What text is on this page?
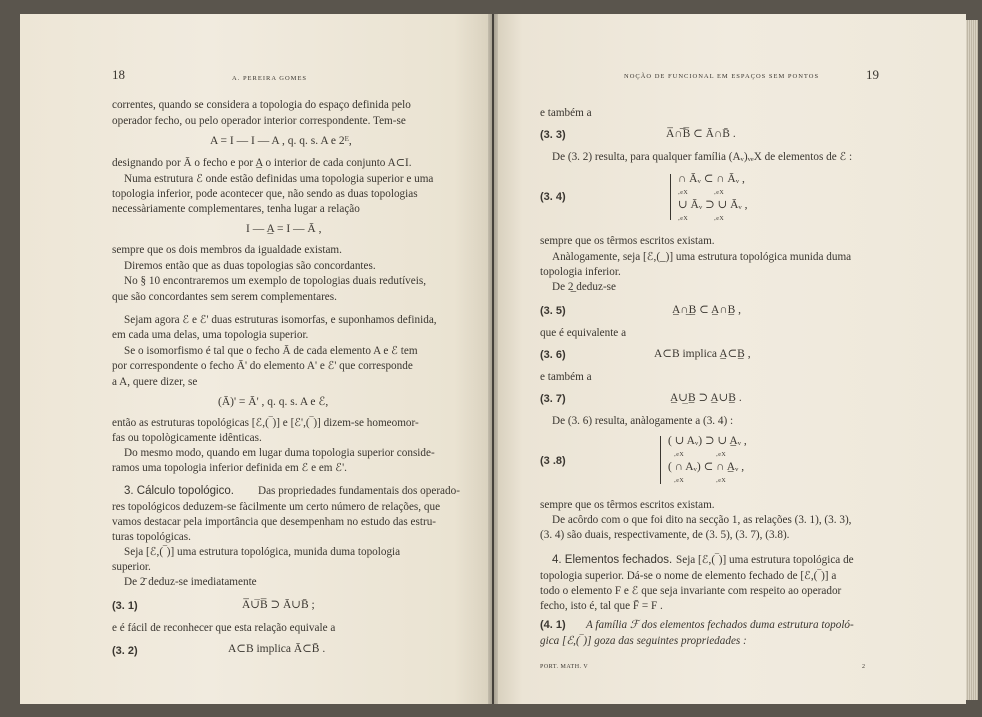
18	A. PEREIRA GOMES
correntes, quando se considera a topologia do espaço definida pelo
operador fecho, ou pelo operador interior correspondente. Tem-se
A = I — I — A , q. q. s. A e 2ᴱ,
designando por Ā o fecho e por A̲ o interior de cada conjunto A⊂I.
Numa estrutura ℰ onde estão definidas uma topologia superior e uma
topologia inferior, pode acontecer que, não sendo as duas topologias
necessàriamente complementares, tenha lugar a relação
I — A̲ = I — Ā ,
sempre que os dois membros da igualdade existam.
Diremos então que as duas topologias são concordantes.
No § 10 encontraremos um exemplo de topologias duais redutíveis,
que são concordantes sem serem complementares.
Sejam agora ℰ e ℰ' duas estruturas isomorfas, e suponhamos definida,
em cada uma delas, uma topologia superior.
Se o isomorfismo é tal que o fecho Ā de cada elemento A e ℰ tem
por correspondente o fecho Ā' do elemento A' e ℰ' que corresponde
a A, quere dizer, se
(Ā)' = Ā' , q. q. s. A e ℰ,
então as estruturas topológicas [ℰ,(‾)] e [ℰ',(‾)] dizem-se homeomor-
fas ou topològicamente idênticas.
Do mesmo modo, quando em lugar duma topologia superior conside-
ramos uma topologia inferior definida em ℰ e em ℰ'.
3. Cálculo topológico. Das propriedades fundamentais dos operado-
res topológicos deduzem-se fàcilmente um certo número de relações, que
vamos destacar pela importância que desempenham no estudo das estru-
turas topológicas.
Seja [ℰ,(‾)] uma estrutura topológica, munida duma topologia
superior.
De 2̄ deduz-se imediatamente
(3. 1)	A̅∪̅B̅ ⊃ Ā∪B̄ ;
e é fácil de reconhecer que esta relação equivale a
(3. 2)	A⊂B implica Ā⊂B̄ .
NOÇÃO DE FUNCIONAL EM ESPAÇOS SEM PONTOS	19
e também a
(3. 3)	A̅∩̅B̅ ⊂ Ā∩B̄ .
De (3. 2) resulta, para qualquer família (Aᵥ)ᵥₑX de elementos de ℰ :
(3. 4)
∩ Āᵥ ⊂ ∩ Āᵥ ,
ᵥeX	ᵥeX
∪ Āᵥ ⊃ ∪ Āᵥ ,
ᵥeX	ᵥeX
sempre que os têrmos escritos existam.
Anàlogamente, seja [ℰ,(_)] uma estrutura topológica munida duma
topologia inferior.
De 2̲ deduz-se
(3. 5)	A̲∩̲B̲ ⊂ A̲∩B̲ ,
que é equivalente a
(3. 6)	A⊂B implica A̲⊂B̲ ,
e também a
(3. 7)	A̲∪̲B̲ ⊃ A̲∪B̲ .
De (3. 6) resulta, anàlogamente a (3. 4) :
(3 .8)
( ∪ Aᵥ) ⊃ ∪ A̲ᵥ ,
ᵥeX	ᵥeX
( ∩ Aᵥ) ⊂ ∩ A̲ᵥ ,
ᵥeX	ᵥeX
sempre que os têrmos escritos existam.
De acôrdo com o que foi dito na secção 1, as relações (3. 1), (3. 3),
(3. 4) são duais, respectivamente, de (3. 5), (3. 7), (3.8).
4. Elementos fechados. Seja [ℰ,(‾)] uma estrutura topológica de
topologia superior. Dá-se o nome de elemento fechado de [ℰ,(‾)] a
todo o elemento F e ℰ que seja invariante com respeito ao operador
fecho, isto é, tal que F̄ = F .
(4. 1) A família ℱ dos elementos fechados duma estrutura topoló-
gica [ℰ,(‾)] goza das seguintes propriedades :
PORT. MATH. V	2
